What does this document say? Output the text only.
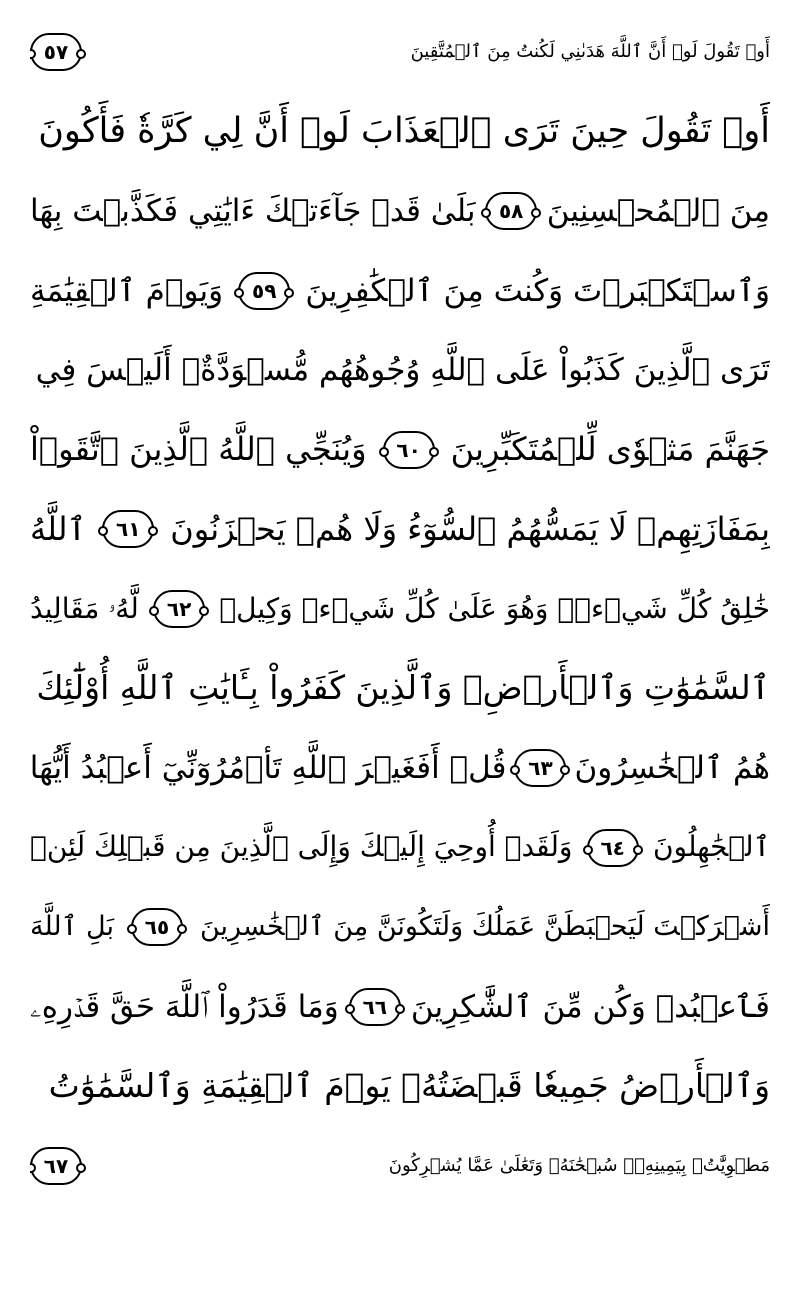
أَوۡ تَقُولَ لَوۡ أَنَّ ٱللَّهَ هَدَىٰنِي لَكُنتُ مِنَ ٱلۡمُتَّقِينَ
٥٧
أَوۡ تَقُولَ حِينَ تَرَى ٱلۡعَذَابَ لَوۡ أَنَّ لِي كَرَّةٗ فَأَكُونَ
مِنَ ٱلۡمُحۡسِنِينَ
٥٨
بَلَىٰ قَدۡ جَآءَتۡكَ ءَايَٰتِي فَكَذَّبۡتَ بِهَا
وَٱسۡتَكۡبَرۡتَ وَكُنتَ مِنَ ٱلۡكَٰفِرِينَ
٥٩
وَيَوۡمَ ٱلۡقِيَٰمَةِ
تَرَى ٱلَّذِينَ كَذَبُواْ عَلَى ٱللَّهِ وُجُوهُهُم مُّسۡوَدَّةٌۚ أَلَيۡسَ فِي
جَهَنَّمَ مَثۡوٗى لِّلۡمُتَكَبِّرِينَ
٦٠
وَيُنَجِّي ٱللَّهُ ٱلَّذِينَ ٱتَّقَوۡاْ
بِمَفَازَتِهِمۡ لَا يَمَسُّهُمُ ٱلسُّوٓءُ وَلَا هُمۡ يَحۡزَنُونَ
٦١
ٱللَّهُ
خَٰلِقُ كُلِّ شَيۡءٖۖ وَهُوَ عَلَىٰ كُلِّ شَيۡءٖ وَكِيلٞ
٦٢
لَّهُۥ مَقَالِيدُ
ٱلسَّمَٰوَٰتِ وَٱلۡأَرۡضِۗ وَٱلَّذِينَ كَفَرُواْ بِـَٔايَٰتِ ٱللَّهِ أُوْلَٰٓئِكَ
هُمُ ٱلۡخَٰسِرُونَ
٦٣
قُلۡ أَفَغَيۡرَ ٱللَّهِ تَأۡمُرُوٓنِّيٓ أَعۡبُدُ أَيُّهَا
ٱلۡجَٰهِلُونَ
٦٤
وَلَقَدۡ أُوحِيَ إِلَيۡكَ وَإِلَى ٱلَّذِينَ مِن قَبۡلِكَ لَئِنۡ
أَشۡرَكۡتَ لَيَحۡبَطَنَّ عَمَلُكَ وَلَتَكُونَنَّ مِنَ ٱلۡخَٰسِرِينَ
٦٥
بَلِ ٱللَّهَ
فَٱعۡبُدۡ وَكُن مِّنَ ٱلشَّٰكِرِينَ
٦٦
وَمَا قَدَرُواْ ٱللَّهَ حَقَّ قَدۡرِهِۦ
وَٱلۡأَرۡضُ جَمِيعٗا قَبۡضَتُهُۥ يَوۡمَ ٱلۡقِيَٰمَةِ وَٱلسَّمَٰوَٰتُ
مَطۡوِيَّٰتُۢ بِيَمِينِهِۦۚ سُبۡحَٰنَهُۥ وَتَعَٰلَىٰ عَمَّا يُشۡرِكُونَ
٦٧
